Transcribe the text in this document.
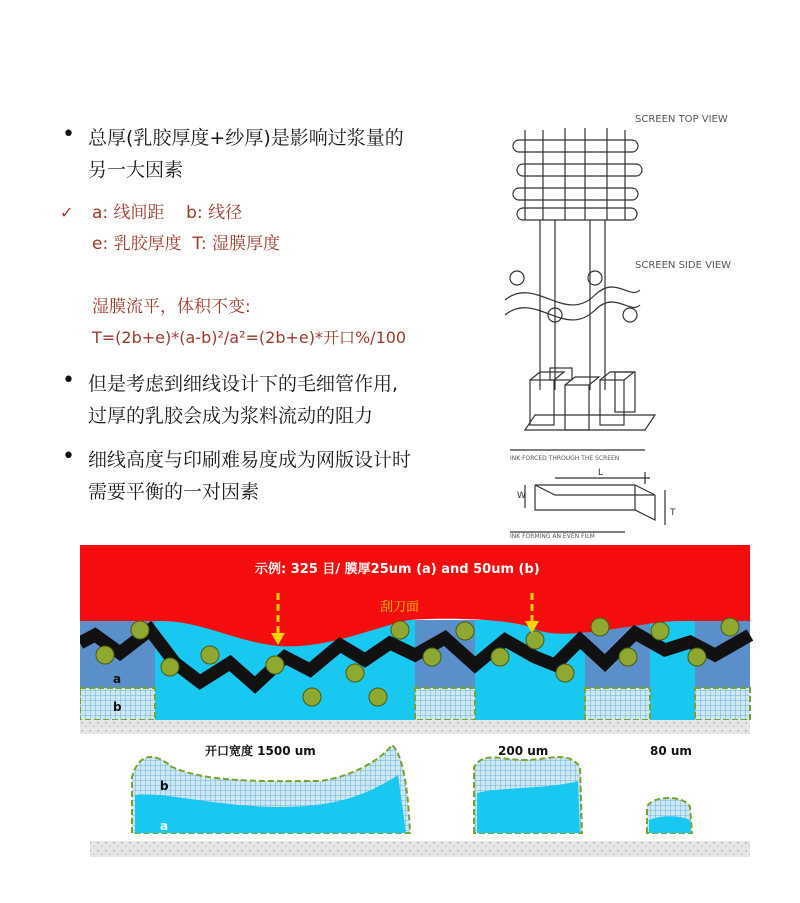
• 总厚(乳胶厚度+纱厚)是影响过浆量的
另一大因素
✓ a: 线间距    b: 线径
e: 乳胶厚度  T: 湿膜厚度
湿膜流平，体积不变:
T=(2b+e)*(a-b)²/a²=(2b+e)*开口%/100
• 但是考虑到细线设计下的毛细管作用,
过厚的乳胶会成为浆料流动的阻力
• 细线高度与印刷难易度成为网版设计时
需要平衡的一对因素
SCREEN TOP VIEW
SCREEN SIDE VIEW
INK FORCED THROUGH THE SCREEN
INK FORMING AN EVEN FILM
L
W
T
示例: 325 目/ 膜厚25um (a) and 50um (b)
刮刀面
a
b
开口宽度 1500 um	200 um	80 um
b
a
